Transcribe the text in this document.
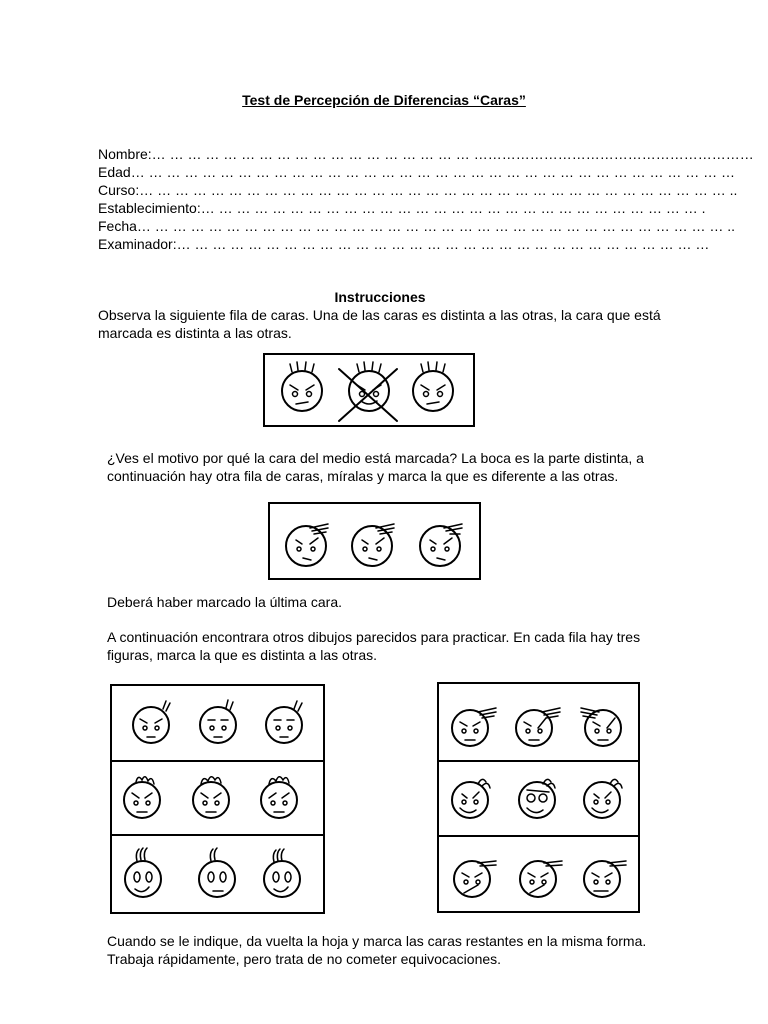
Test de Percepción de Diferencias “Caras”
Nombre:… … … … … … … … … … … … … … … … … … ……………………………………………………
Edad… … … … … … … … … … … … … … … … … … … … … … … … … … … … … … … … … …
Curso:… … … … … … … … … … … … … … … … … … … … … … … … … … … … … … … … … ..
Establecimiento:… … … … … … … … … … … … … … … … … … … … … … … … … … … … .
Fecha… … … … … … … … … … … … … … … … … … … … … … … … … … … … … … … … … ..
Examinador:… … … … … … … … … … … … … … … … … … … … … … … … … … … … … …
Instrucciones
Observa la siguiente fila de caras. Una de las caras es distinta a las otras, la cara que está marcada es distinta a las otras.
¿Ves el motivo por qué la cara del medio está marcada? La boca es la parte distinta, a continuación hay otra fila de caras, míralas y marca la que es diferente a las otras.
Deberá haber marcado la última cara.
A continuación encontrara otros dibujos parecidos para practicar. En cada fila hay tres figuras, marca la que es distinta a las otras.
Cuando se le indique, da vuelta la hoja y marca las caras restantes en la misma forma. Trabaja rápidamente, pero trata de no cometer equivocaciones.
